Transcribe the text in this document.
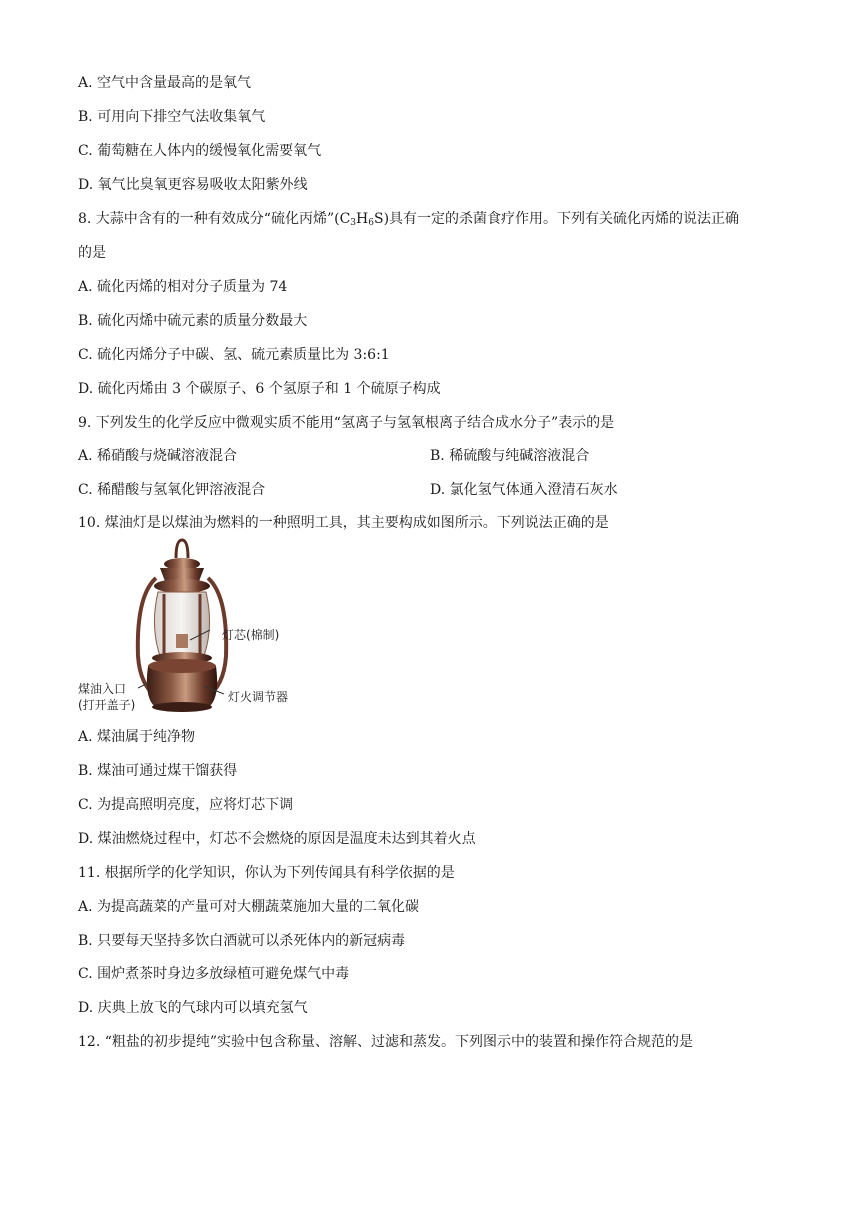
A. 空气中含量最高的是氧气
B. 可用向下排空气法收集氧气
C. 葡萄糖在人体内的缓慢氧化需要氧气
D. 氧气比臭氧更容易吸收太阳紫外线
8. 大蒜中含有的一种有效成分“硫化丙烯$”(C_3H_6S)$具有一定的杀菌食疗作用。下列有关硫化丙烯的说法正确
的是
A. 硫化丙烯的相对分子质量为 74
B. 硫化丙烯中硫元素的质量分数最大
C. 硫化丙烯分子中碳、氢、硫元素质量比为 3:6:1
D. 硫化丙烯由 3 个碳原子、6 个氢原子和 1 个硫原子构成
9. 下列发生的化学反应中微观实质不能用“氢离子与氢氧根离子结合成水分子”表示的是
A. 稀硝酸与烧碱溶液混合	B. 稀硫酸与纯碱溶液混合
C. 稀醋酸与氢氧化钾溶液混合	D. 氯化氢气体通入澄清石灰水
10. 煤油灯是以煤油为燃料的一种照明工具，其主要构成如图所示。下列说法正确的是
灯芯(棉制)
煤油入口
(打开盖子)
灯火调节器
A. 煤油属于纯净物
B. 煤油可通过煤干馏获得
C. 为提高照明亮度，应将灯芯下调
D. 煤油燃烧过程中，灯芯不会燃烧的原因是温度未达到其着火点
11. 根据所学的化学知识，你认为下列传闻具有科学依据的是
A. 为提高蔬菜的产量可对大棚蔬菜施加大量的二氧化碳
B. 只要每天坚持多饮白酒就可以杀死体内的新冠病毒
C. 围炉煮茶时身边多放绿植可避免煤气中毒
D. 庆典上放飞的气球内可以填充氢气
12. “粗盐的初步提纯”实验中包含称量、溶解、过滤和蒸发。下列图示中的装置和操作符合规范的是
